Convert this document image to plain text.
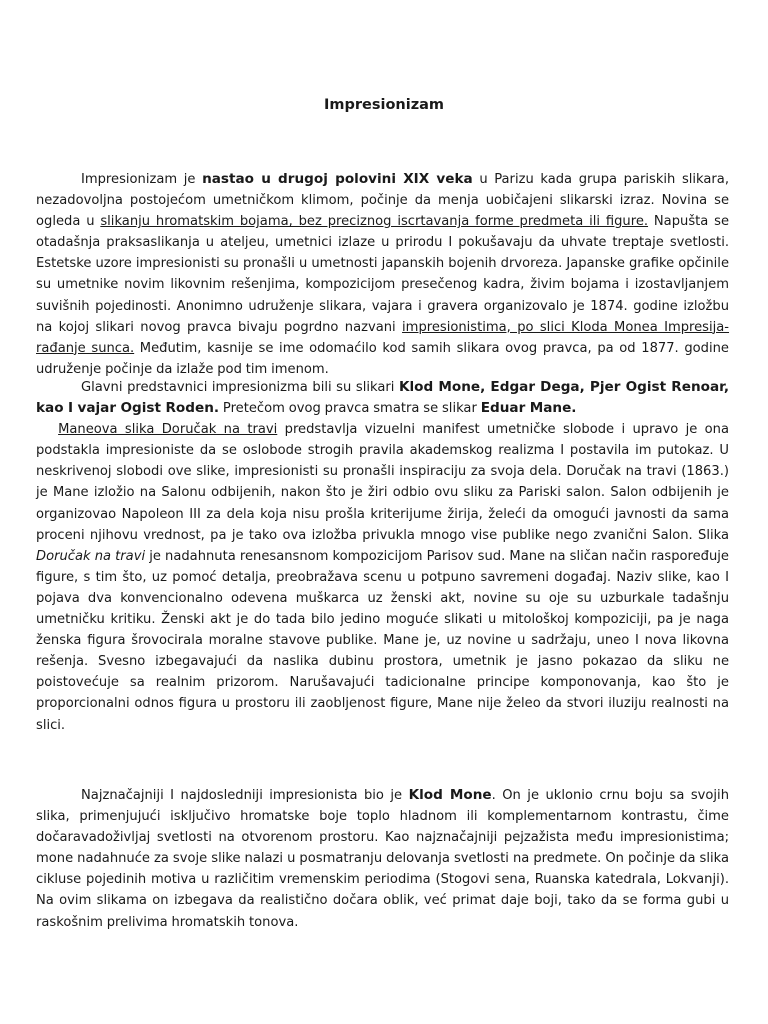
Impresionizam

Impresionizam je nastao u drugoj polovini XIX veka u Parizu kada grupa pariskih slikara, nezadovoljna postojećom umetničkom klimom, počinje da menja uobičajeni slikarski izraz. Novina se ogleda u slikanju hromatskim bojama, bez preciznog iscrtavanja forme predmeta ili figure. Napušta se otadašnja praksaslikanja u ateljeu, umetnici izlaze u prirodu I pokušavaju da uhvate treptaje svetlosti. Estetske uzore impresionisti su pronašli u umetnosti japanskih bojenih drvoreza. Japanske grafike opčinile su umetnike novim likovnim rešenjima, kompozicijom presečenog kadra, živim bojama i izostavljanjem suvišnih pojedinosti. Anonimno udruženje slikara, vajara i gravera organizovalo je 1874. godine izložbu na kojoj slikari novog pravca bivaju pogrdno nazvani impresionistima, po slici Kloda Monea Impresija- rađanje sunca. Međutim, kasnije se ime odomaćilo kod samih slikara ovog pravca, pa od 1877. godine udruženje počinje da izlaže pod tim imenom.

Glavni predstavnici impresionizma bili su slikari Klod Mone, Edgar Dega, Pjer Ogist Renoar, kao I vajar Ogist Roden. Pretečom ovog pravca smatra se slikar Eduar Mane.
Maneova slika Doručak na travi predstavlja vizuelni manifest umetničke slobode i upravo je ona podstakla impresioniste da se oslobode strogih pravila akademskog realizma I postavila im putokaz. U neskrivenoj slobodi ove slike, impresionisti su pronašli inspiraciju za svoja dela. Doručak na travi (1863.) je Mane izložio na Salonu odbijenih, nakon što je žiri odbio ovu sliku za Pariski salon. Salon odbijenih je organizovao Napoleon III za dela koja nisu prošla kriterijume žirija, želeći da omogući javnosti da sama proceni njihovu vrednost, pa je tako ova izložba privukla mnogo vise publike nego zvanični Salon. Slika Doručak na travi je nadahnuta renesansnom kompozicijom Parisov sud. Mane na sličan način raspoređuje figure, s tim što, uz pomoć detalja, preobražava scenu u potpuno savremeni događaj. Naziv slike, kao I pojava dva konvencionalno odevena muškarca uz ženski akt, novine su oje su uzburkale tadašnju umetničku kritiku. Ženski akt je do tada bilo jedino moguće slikati u mitološkoj kompoziciji, pa je naga ženska figura šrovocirala moralne stavove publike. Mane je, uz novine u sadržaju, uneo I nova likovna rešenja. Svesno izbegavajući da naslika dubinu prostora, umetnik je jasno pokazao da sliku ne poistovećuje sa realnim prizorom. Narušavajući tadicionalne principe komponovanja, kao što je proporcionalni odnos figura u prostoru ili zaobljenost figure, Mane nije želeo da stvori iluziju realnosti na slici.

Najznačajniji I najdosledniji impresionista bio je Klod Mone. On je uklonio crnu boju sa svojih slika, primenjujući isključivo hromatske boje toplo hladnom ili komplementarnom kontrastu, čime dočaravadoživljaj svetlosti na otvorenom prostoru. Kao najznačajniji pejzažista među impresionistima; mone nadahnuće za svoje slike nalazi u posmatranju delovanja svetlosti na predmete. On počinje da slika cikluse pojedinih motiva u različitim vremenskim periodima (Stogovi sena, Ruanska katedrala, Lokvanji). Na ovim slikama on izbegava da realistično dočara oblik, već primat daje boji, tako da se forma gubi u raskošnim prelivima hromatskih tonova.
